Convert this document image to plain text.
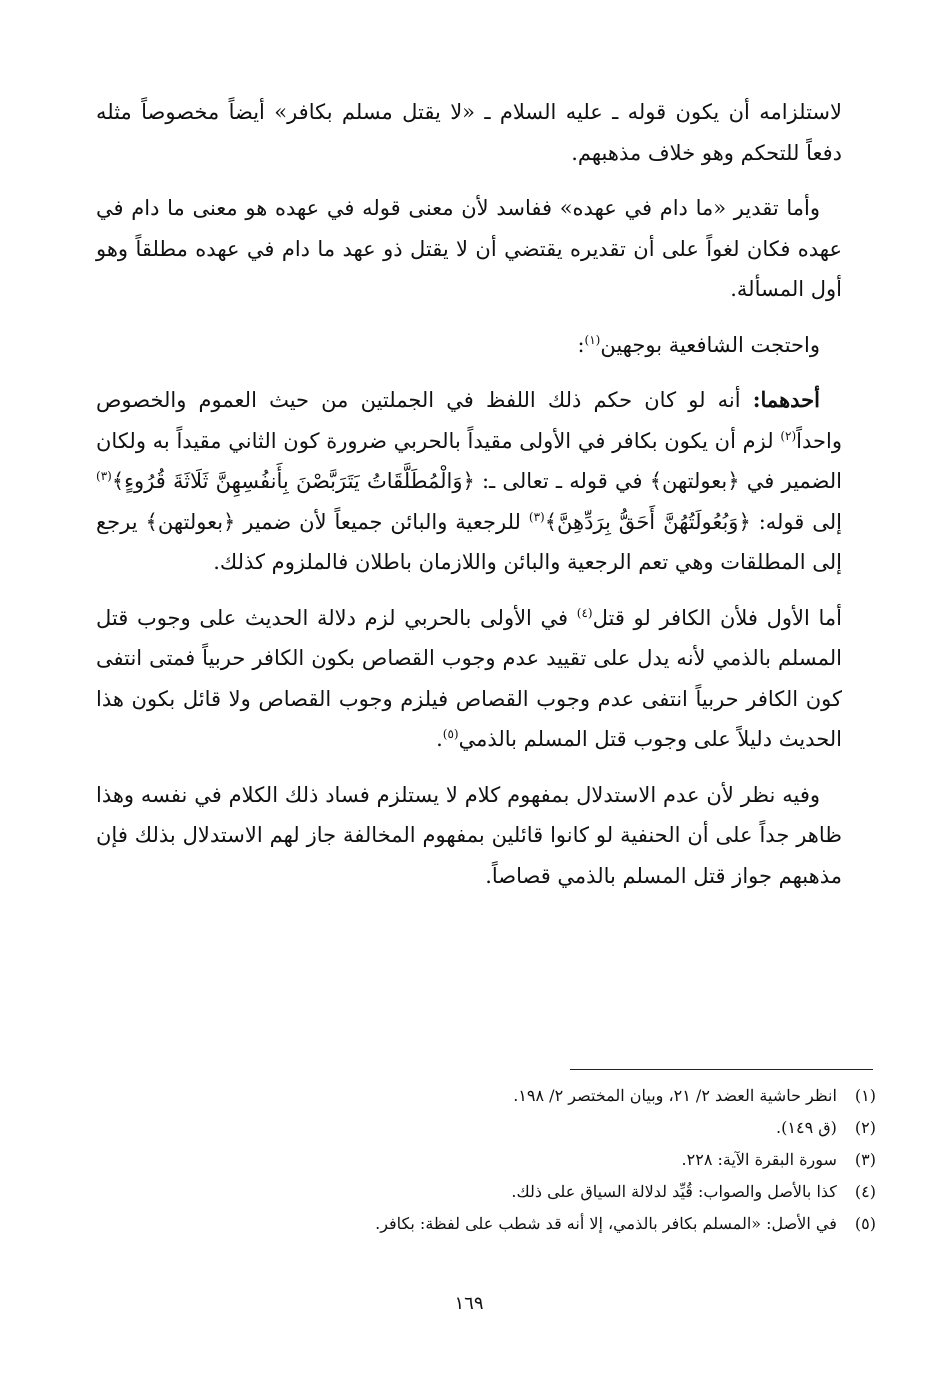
لاستلزامه أن يكون قوله ـ عليه السلام ـ «لا يقتل مسلم بكافر» أيضاً مخصوصاً مثله دفعاً للتحكم وهو خلاف مذهبهم.

وأما تقدير «ما دام في عهده» ففاسد لأن معنى قوله في عهده هو معنى ما دام في عهده فكان لغواً على أن تقديره يقتضي أن لا يقتل ذو عهد ما دام في عهده مطلقاً وهو أول المسألة.

واحتجت الشافعية بوجهين$^{(١)}$:

أحدهما: أنه لو كان حكم ذلك اللفظ في الجملتين من حيث العموم والخصوص واحداً$^{(٢)}$ لزم أن يكون بكافر في الأولى مقيداً بالحربي ضرورة كون الثاني مقيداً به ولكان الضمير في ﴿بعولتهن﴾ في قوله ـ تعالى ـ: ﴿وَالْمُطَلَّقَاتُ يَتَرَبَّصْنَ بِأَنفُسِهِنَّ ثَلَاثَةَ قُرُوءٍ﴾$^{(٣)}$ إلى قوله: ﴿وَبُعُولَتُهُنَّ أَحَقُّ بِرَدِّهِنَّ﴾$^{(٣)}$ للرجعية والبائن جميعاً لأن ضمير ﴿بعولتهن﴾ يرجع إلى المطلقات وهي تعم الرجعية والبائن واللازمان باطلان فالملزوم كذلك.

أما الأول فلأن الكافر لو قتل$^{(٤)}$ في الأولى بالحربي لزم دلالة الحديث على وجوب قتل المسلم بالذمي لأنه يدل على تقييد عدم وجوب القصاص بكون الكافر حربياً فمتى انتفى كون الكافر حربياً انتفى عدم وجوب القصاص فيلزم وجوب القصاص ولا قائل بكون هذا الحديث دليلاً على وجوب قتل المسلم بالذمي$^{(٥)}$.

وفيه نظر لأن عدم الاستدلال بمفهوم كلام لا يستلزم فساد ذلك الكلام في نفسه وهذا ظاهر جداً على أن الحنفية لو كانوا قائلين بمفهوم المخالفة جاز لهم الاستدلال بذلك فإن مذهبهم جواز قتل المسلم بالذمي قصاصاً.

(١) انظر حاشية العضد ٢/ ٢١، وبيان المختصر ٢/ ١٩٨.

(٢) (ق ١٤٩).

(٣) سورة البقرة الآية: ٢٢٨.

(٤) كذا بالأصل والصواب: قُيِّد لدلالة السياق على ذلك.

(٥) في الأصل: «المسلم بكافر بالذمي، إلا أنه قد شطب على لفظة: بكافر.

١٦٩
